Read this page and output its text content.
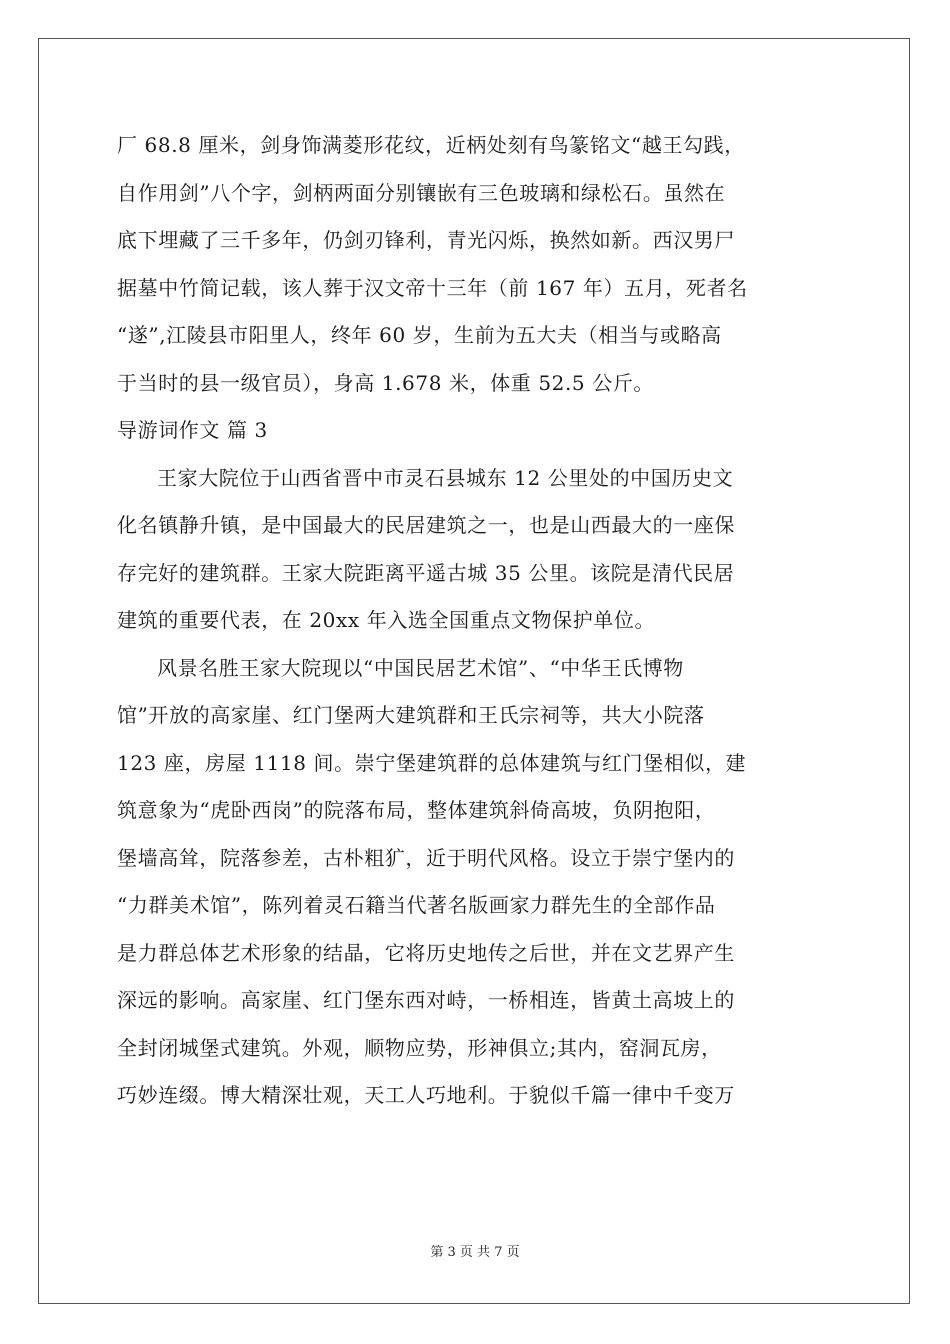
厂 68.8 厘米，剑身饰满菱形花纹，近柄处刻有鸟篆铭文“越王勾践，
自作用剑”八个字，剑柄两面分别镶嵌有三色玻璃和绿松石。虽然在
底下埋藏了三千多年，仍剑刃锋利，青光闪烁，换然如新。西汉男尸
据墓中竹简记载，该人葬于汉文帝十三年（前 167 年）五月，死者名
“遂”,江陵县市阳里人，终年 60 岁，生前为五大夫（相当与或略高
于当时的县一级官员），身高 1.678 米，体重 52.5 公斤。
导游词作文 篇 3
王家大院位于山西省晋中市灵石县城东 12 公里处的中国历史文
化名镇静升镇，是中国最大的民居建筑之一，也是山西最大的一座保
存完好的建筑群。王家大院距离平遥古城 35 公里。该院是清代民居
建筑的重要代表，在 20xx 年入选全国重点文物保护单位。
风景名胜王家大院现以“中国民居艺术馆”、“中华王氏博物
馆”开放的高家崖、红门堡两大建筑群和王氏宗祠等，共大小院落
123 座，房屋 1118 间。崇宁堡建筑群的总体建筑与红门堡相似，建
筑意象为“虎卧西岗”的院落布局，整体建筑斜倚高坡，负阴抱阳，
堡墙高耸，院落参差，古朴粗犷，近于明代风格。设立于崇宁堡内的
“力群美术馆”，陈列着灵石籍当代著名版画家力群先生的全部作品
是力群总体艺术形象的结晶，它将历史地传之后世，并在文艺界产生
深远的影响。高家崖、红门堡东西对峙，一桥相连，皆黄土高坡上的
全封闭城堡式建筑。外观，顺物应势，形神俱立;其内，窑洞瓦房，
巧妙连缀。博大精深壮观，天工人巧地利。于貌似千篇一律中千变万
第 3 页 共 7 页
